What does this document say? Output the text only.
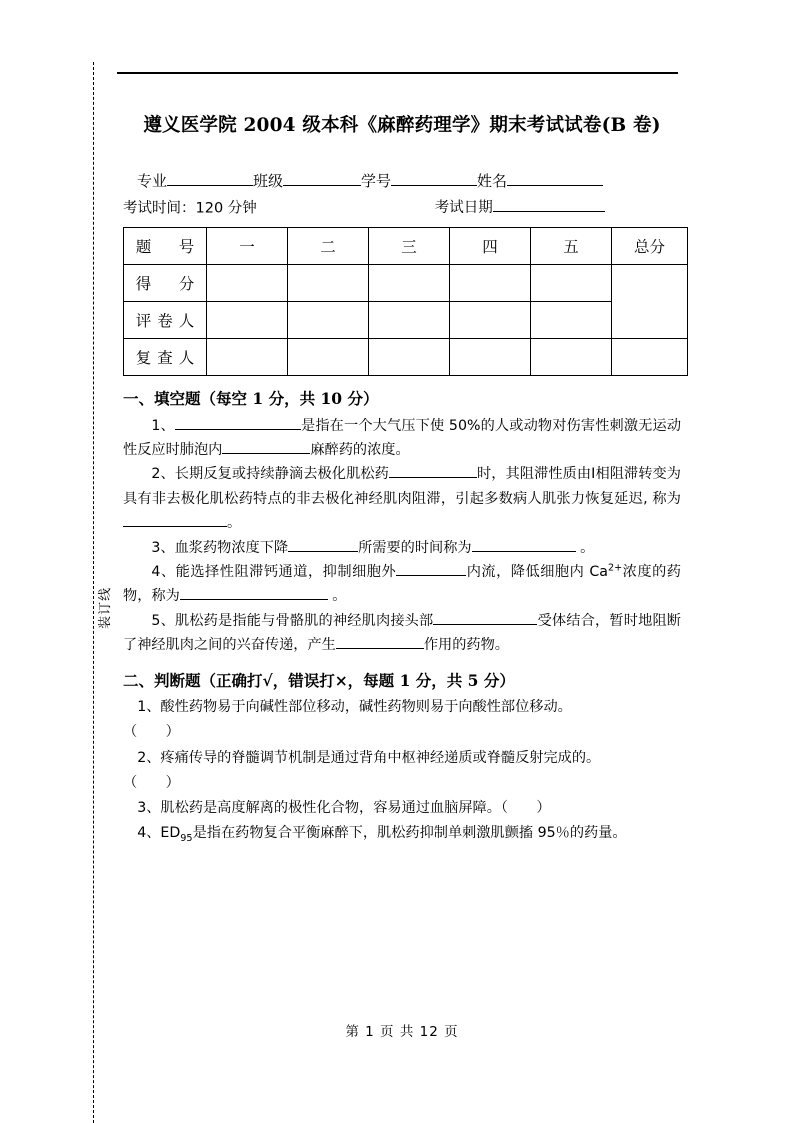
装订线
遵义医学院 2004 级本科《麻醉药理学》期末考试试卷(B 卷)
专业	班级	学号	姓名
考试时间：120 分钟	考试日期
题　号	一	二	三	四	五	总分
得　分						
评卷人						
复查人						
一、填空题（每空 1 分，共 10 分）

1、	是指在一个大气压下使 50%的人或动物对伤害性刺激无运动性反应时肺泡内	麻醉药的浓度。

2、长期反复或持续静滴去极化肌松药	时，其阻滞性质由Ⅰ相阻滞转变为具有非去极化肌松药特点的非去极化神经肌肉阻滞，引起多数病人肌张力恢复延迟, 称为。

3、血浆药物浓度下降	所需要的时间称为	。

4、能选择性阻滞钙通道，抑制细胞外	内流，降低细胞内 $Ca^{2+}$浓度的药物，称为	。

5、肌松药是指能与骨骼肌的神经肌肉接头部	受体结合，暂时地阻断了神经肌肉之间的兴奋传递，产生	作用的药物。

二、判断题（正确打√，错误打×，每题 1 分，共 5 分）

1、酸性药物易于向碱性部位移动，碱性药物则易于向酸性部位移动。

（　　）

2、疼痛传导的脊髓调节机制是通过背角中枢神经递质或脊髓反射完成的。

（　　）

3、肌松药是高度解离的极性化合物，容易通过血脑屏障。（　　）

4、$ED_{95}$是指在药物复合平衡麻醉下，肌松药抑制单刺激肌颤搐 95％的药量。

第 1 页 共 12 页
